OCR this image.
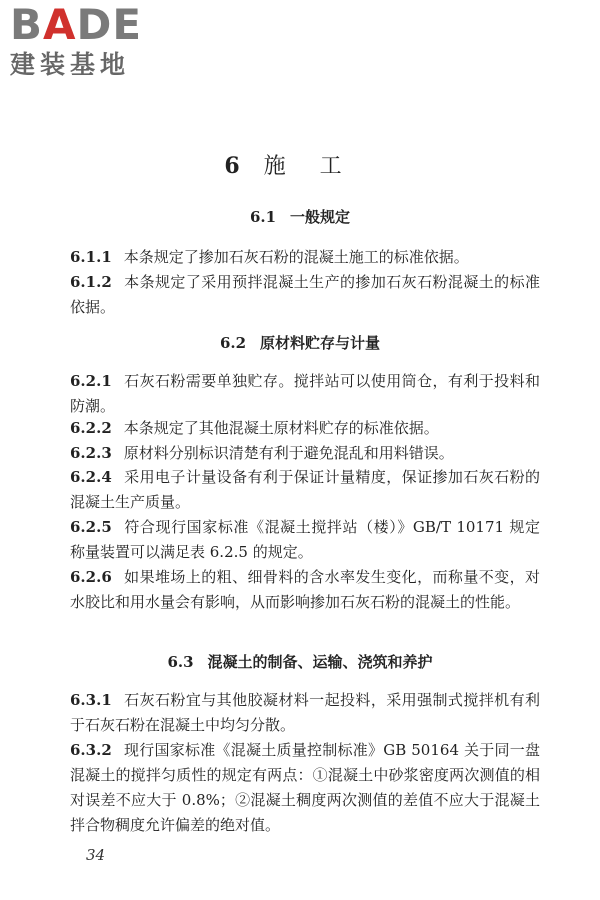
BADE
建装基地
6 施工
6.1 一般规定

6.1.1 本条规定了掺加石灰石粉的混凝土施工的标准依据。

6.1.2 本条规定了采用预拌混凝土生产的掺加石灰石粉混凝土的标准依据。

6.2 原材料贮存与计量

6.2.1 石灰石粉需要单独贮存。搅拌站可以使用筒仓，有利于投料和防潮。

6.2.2 本条规定了其他混凝土原材料贮存的标准依据。

6.2.3 原材料分别标识清楚有利于避免混乱和用料错误。

6.2.4 采用电子计量设备有利于保证计量精度，保证掺加石灰石粉的混凝土生产质量。

6.2.5 符合现行国家标准《混凝土搅拌站（楼）》GB/T 10171 规定称量装置可以满足表 6.2.5 的规定。

6.2.6 如果堆场上的粗、细骨料的含水率发生变化，而称量不变，对水胶比和用水量会有影响，从而影响掺加石灰石粉的混凝土的性能。

6.3 混凝土的制备、运输、浇筑和养护

6.3.1 石灰石粉宜与其他胶凝材料一起投料，采用强制式搅拌机有利于石灰石粉在混凝土中均匀分散。

6.3.2 现行国家标准《混凝土质量控制标准》GB 50164 关于同一盘混凝土的搅拌匀质性的规定有两点：①混凝土中砂浆密度两次测值的相对误差不应大于 0.8%；②混凝土稠度两次测值的差值不应大于混凝土拌合物稠度允许偏差的绝对值。

34
